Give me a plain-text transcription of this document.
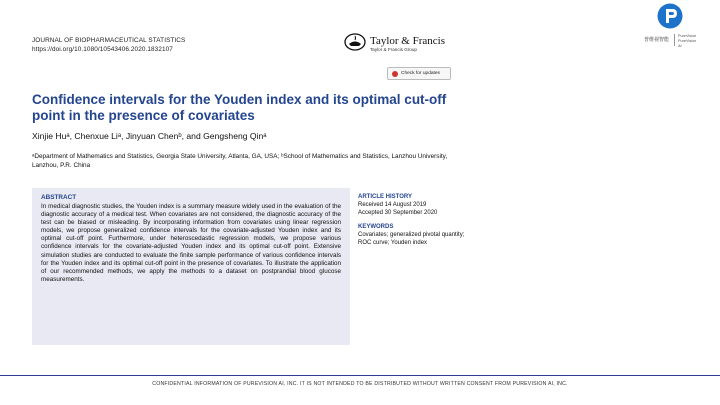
JOURNAL OF BIOPHARMACEUTICAL STATISTICS
https://doi.org/10.1080/10543406.2020.1832107
Taylor & Francis
Taylor & Francis Group
Check for updates
普维视智能
PureVision
PureVision AI
Confidence intervals for the Youden index and its optimal cut-off point in the presence of covariates
Xinjie Huᵃ, Chenxue Liᵃ, Jinyuan Chenᵇ, and Gengsheng Qinᵃ
ᵃDepartment of Mathematics and Statistics, Georgia State University, Atlanta, GA, USA; ᵇSchool of Mathematics and Statistics, Lanzhou University, Lanzhou, P.R. China
ABSTRACT
In medical diagnostic studies, the Youden index is a summary measure widely used in the evaluation of the diagnostic accuracy of a medical test. When covariates are not considered, the diagnostic accuracy of the test can be biased or misleading. By incorporating information from covariates using linear regression models, we propose generalized confidence intervals for the covariate-adjusted Youden index and its optimal cut-off point. Furthermore, under heteroscedastic regression models, we propose various confidence intervals for the covariate-adjusted Youden index and its optimal cut-off point. Extensive simulation studies are conducted to evaluate the finite sample performance of various confidence intervals for the Youden index and its optimal cut-off point in the presence of covariates. To illustrate the application of our recommended methods, we apply the methods to a dataset on postprandial blood glucose measurements.
ARTICLE HISTORY
Received 14 August 2019
Accepted 30 September 2020
KEYWORDS
Covariates; generalized pivotal quantity; ROC curve; Youden index
CONFIDENTIAL INFORMATION OF PUREVISION AI, INC. IT IS NOT INTENDED TO BE DISTRIBUTED WITHOUT WRITTEN CONSENT FROM PUREVISION AI, INC.
